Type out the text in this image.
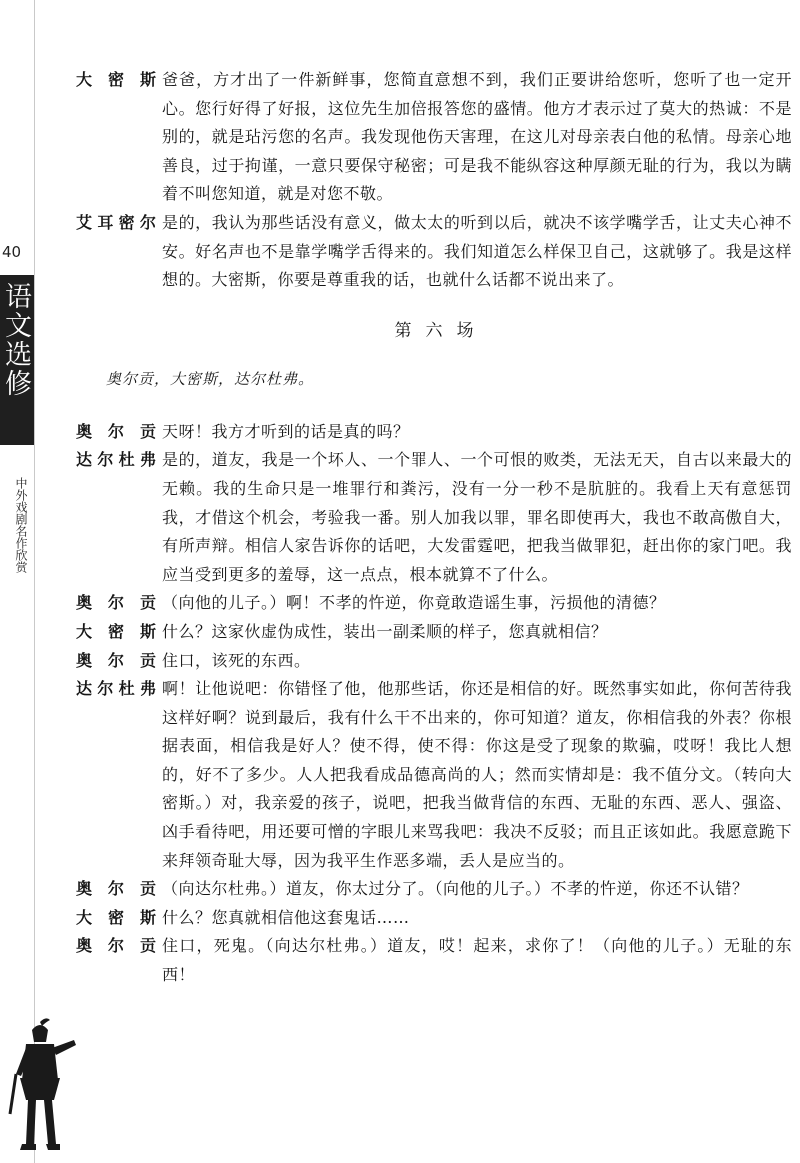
40
语文选修
中外戏剧名作欣赏
大密斯 爸爸，方才出了一件新鲜事，您简直意想不到，我们正要讲给您听，您听了也一定开心。您行好得了好报，这位先生加倍报答您的盛情。他方才表示过了莫大的热诚：不是别的，就是玷污您的名声。我发现他伤天害理，在这儿对母亲表白他的私情。母亲心地善良，过于拘谨，一意只要保守秘密；可是我不能纵容这种厚颜无耻的行为，我以为瞒着不叫您知道，就是对您不敬。
艾耳密尔 是的，我认为那些话没有意义，做太太的听到以后，就决不该学嘴学舌，让丈夫心神不安。好名声也不是靠学嘴学舌得来的。我们知道怎么样保卫自己，这就够了。我是这样想的。大密斯，你要是尊重我的话，也就什么话都不说出来了。
第六场
奥尔贡，大密斯，达尔杜弗。
奥尔贡 天呀！我方才听到的话是真的吗？
达尔杜弗 是的，道友，我是一个坏人、一个罪人、一个可恨的败类，无法无天，自古以来最大的无赖。我的生命只是一堆罪行和粪污，没有一分一秒不是肮脏的。我看上天有意惩罚我，才借这个机会，考验我一番。别人加我以罪，罪名即使再大，我也不敢高傲自大，有所声辩。相信人家告诉你的话吧，大发雷霆吧，把我当做罪犯，赶出你的家门吧。我应当受到更多的羞辱，这一点点，根本就算不了什么。
奥尔贡 （向他的儿子。）啊！不孝的忤逆，你竟敢造谣生事，污损他的清德？
大密斯 什么？这家伙虚伪成性，装出一副柔顺的样子，您真就相信？
奥尔贡 住口，该死的东西。
达尔杜弗 啊！让他说吧：你错怪了他，他那些话，你还是相信的好。既然事实如此，你何苦待我这样好啊？说到最后，我有什么干不出来的，你可知道？道友，你相信我的外表？你根据表面，相信我是好人？使不得，使不得：你这是受了现象的欺骗，哎呀！我比人想的，好不了多少。人人把我看成品德高尚的人；然而实情却是：我不值分文。（转向大密斯。）对，我亲爱的孩子，说吧，把我当做背信的东西、无耻的东西、恶人、强盗、凶手看待吧，用还要可憎的字眼儿来骂我吧：我决不反驳；而且正该如此。我愿意跪下来拜领奇耻大辱，因为我平生作恶多端，丢人是应当的。
奥尔贡 （向达尔杜弗。）道友，你太过分了。（向他的儿子。）不孝的忤逆，你还不认错？
大密斯 什么？您真就相信他这套鬼话……
奥尔贡 住口，死鬼。（向达尔杜弗。）道友，哎！起来，求你了！（向他的儿子。）无耻的东西！
